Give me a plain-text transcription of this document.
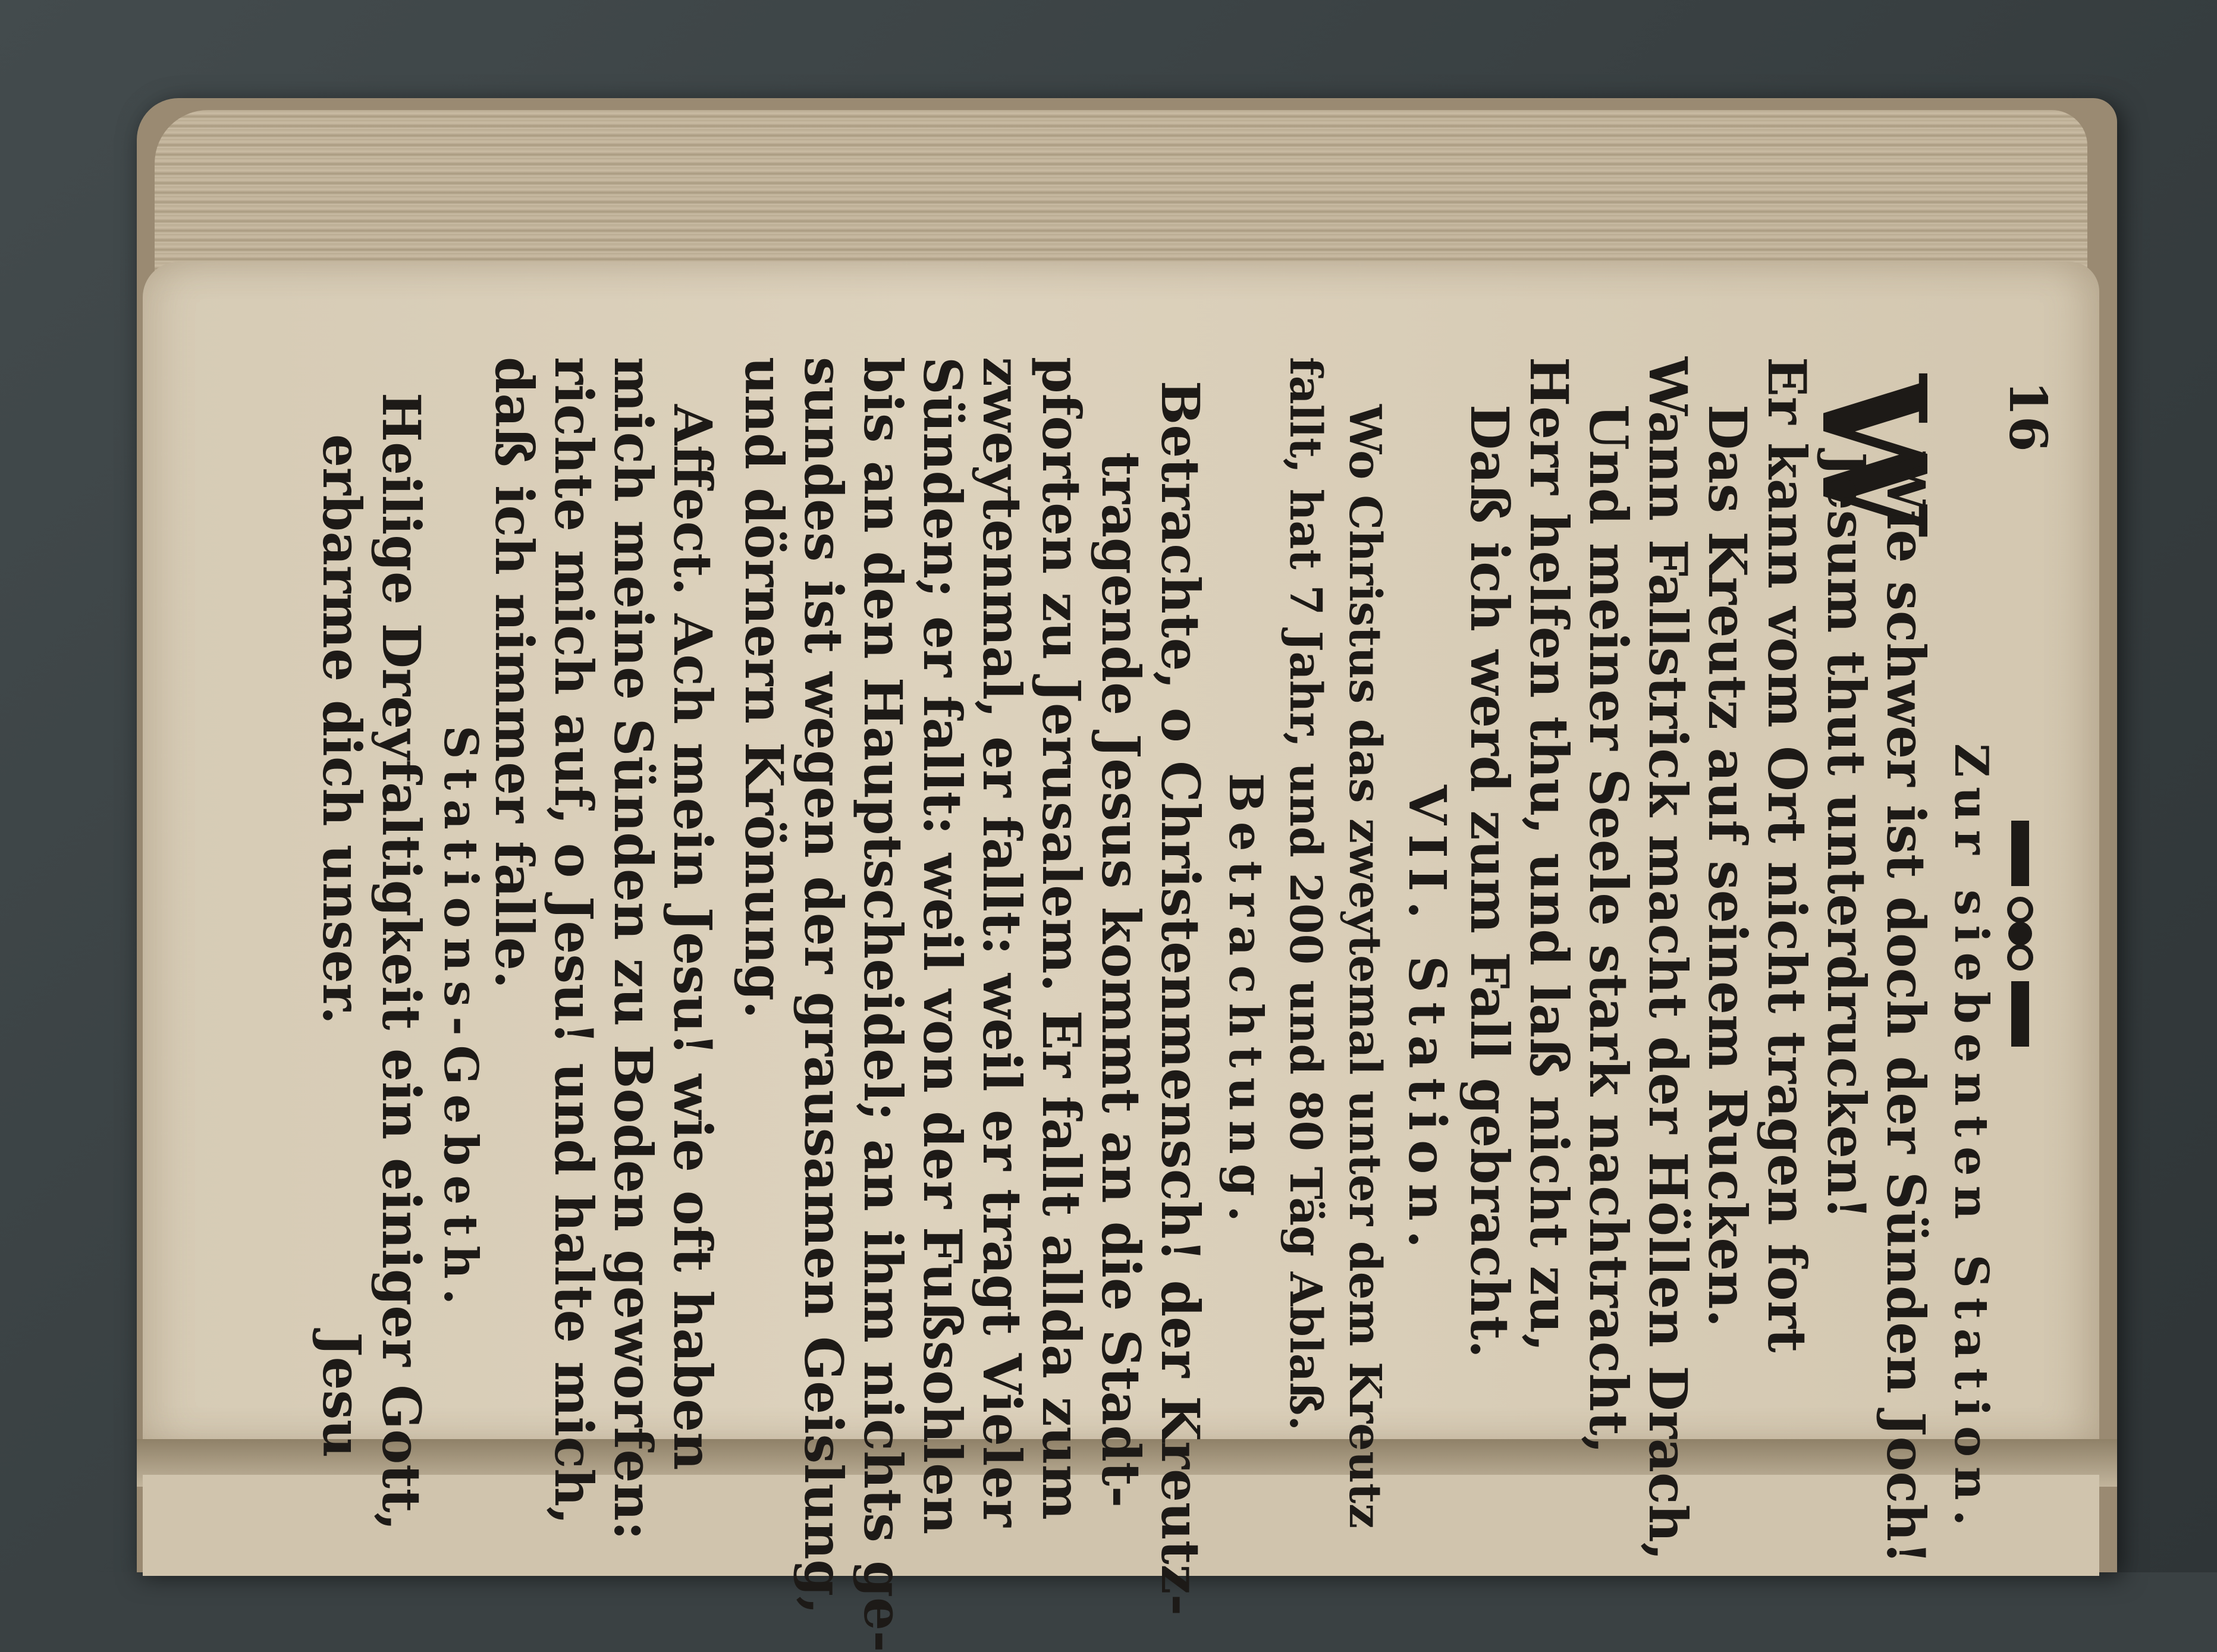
16
Zur siebenten Station.
W
Wie schwer ist doch der Sünden Joch!
Jesum thut unterdrucken!
Er kann vom Ort nicht tragen fort
Das Kreutz auf seinem Rucken.
Wann Fallstrick macht der Höllen Drach,
Und meiner Seele stark nachtracht,
Herr helfen thu, und laß nicht zu,
Daß ich werd zum Fall gebracht.
VII. Station.
Wo Christus das zweytemal unter dem Kreutz
fallt, hat 7 Jahr, und 200 und 80 Täg Ablaß.
Betrachtung.
Betrachte, o Christenmensch! der Kreutz-
tragende Jesus kommt an die Stadt-
pforten zu Jerusalem. Er fallt allda zum
zweytenmal, er fallt: weil er tragt Vieler
Sünden; er fallt: weil von der Fußsohlen
bis an den Hauptscheidel; an ihm nichts ge-
sundes ist wegen der grausamen Geislung,
und dörnern Krönung.
Affect. Ach mein Jesu! wie oft haben
mich meine Sünden zu Boden geworfen:
richte mich auf, o Jesu! und halte mich,
daß ich nimmer falle.
Stations-Gebeth.
Heilige Dreyfaltigkeit ein einiger Gott,
erbarme dich unser.
Jesu
